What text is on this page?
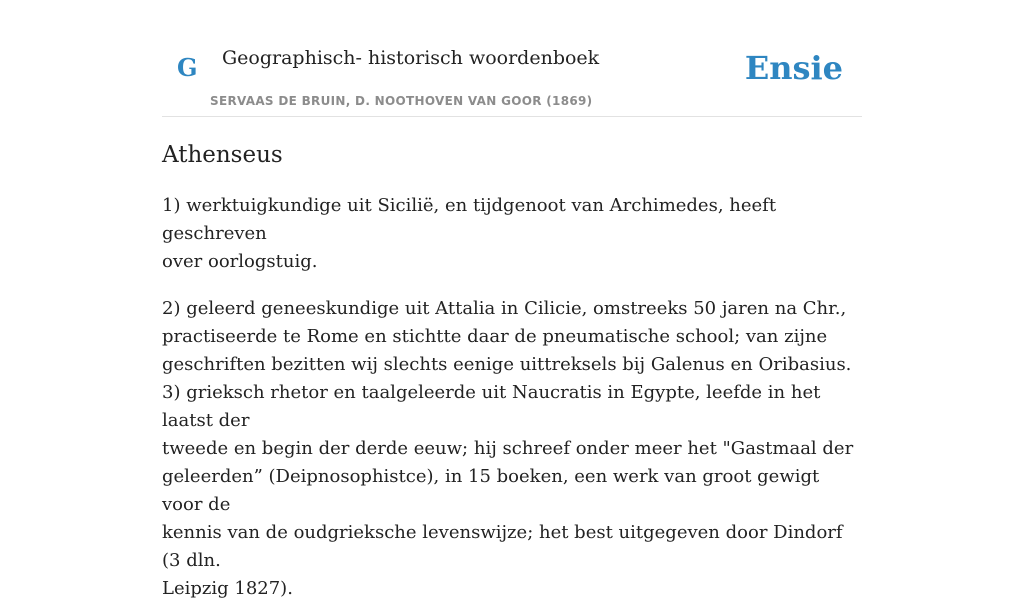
G Geographisch- historisch woordenboek
SERVAAS DE BRUIN, D. NOOTHOVEN VAN GOOR (1869)
Ensie
Athenseus

1) werktuigkundige uit Sicilië, en tijdgenoot van Archimedes, heeft geschreven
over oorlogstuig.

2) geleerd geneeskundige uit Attalia in Cilicie, omstreeks 50 jaren na Chr.,
practiseerde te Rome en stichtte daar de pneumatische school; van zijne
geschriften bezitten wij slechts eenige uittreksels bij Galenus en Oribasius.
3) grieksch rhetor en taalgeleerde uit Naucratis in Egypte, leefde in het laatst der
tweede en begin der derde eeuw; hij schreef onder meer het "Gastmaal der
geleerden” (Deipnosophistce), in 15 boeken, een werk van groot gewigt voor de
kennis van de oudgrieksche levenswijze; het best uitgegeven door Dindorf (3 dln.
Leipzig 1827).
